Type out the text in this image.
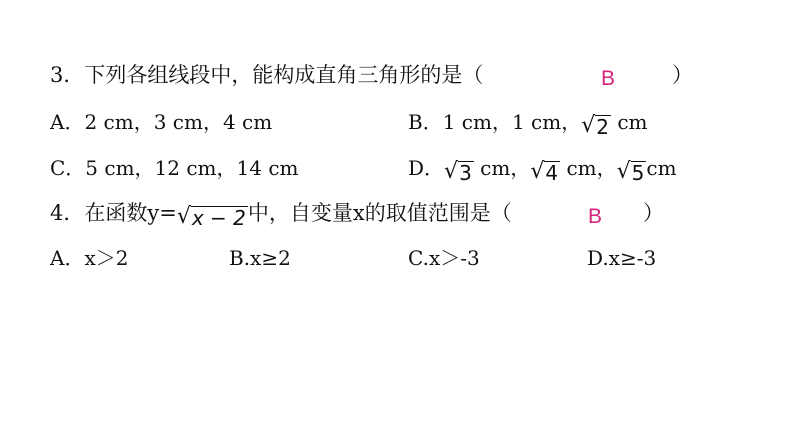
3．下列各组线段中，能构成直角三角形的是（	B	）
A．2 cm，3 cm，4 cm	B．1 cm，1 cm， √ 2 cm
C．5 cm，12 cm，14 cm	D． √ 3 cm， √ 4 cm， √ 5 cm
4．在函数y= √ x − 2 中，自变量x的取值范围是（	B ）
A．x＞2	B.x≥2	C.x＞-3	D.x≥-3
